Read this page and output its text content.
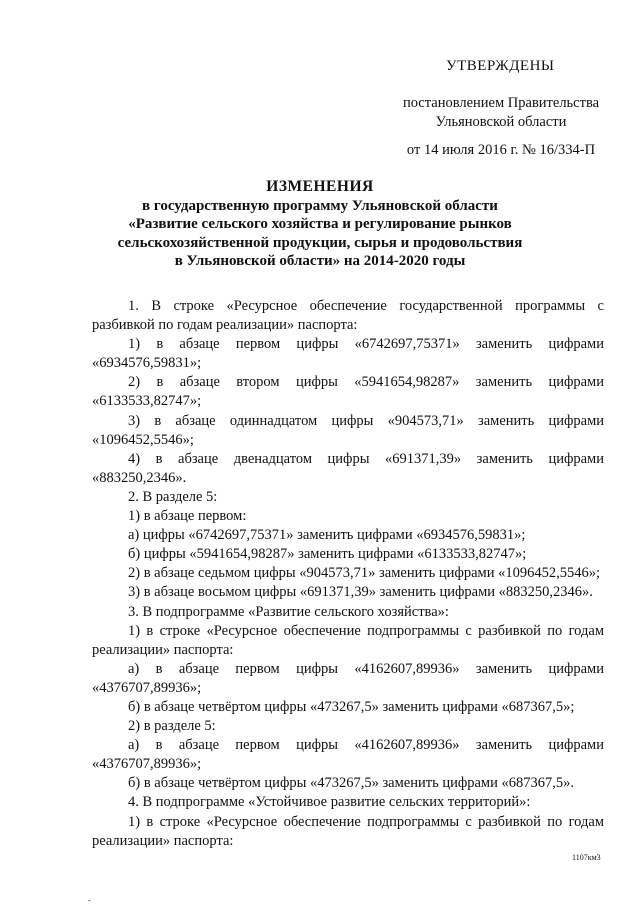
УТВЕРЖДЕНЫ
постановлением Правительства
Ульяновской области
от 14 июля 2016 г. № 16/334-П
ИЗМЕНЕНИЯ
в государственную программу Ульяновской области
«Развитие сельского хозяйства и регулирование рынков
сельскохозяйственной продукции, сырья и продовольствия
в Ульяновской области» на 2014-2020 годы

1. В строке «Ресурсное обеспечение государственной программы с разбивкой по годам реализации» паспорта:

1) в абзаце первом цифры «6742697,75371» заменить цифрами «6934576,59831»;

2) в абзаце втором цифры «5941654,98287» заменить цифрами «6133533,82747»;

3) в абзаце одиннадцатом цифры «904573,71» заменить цифрами «1096452,5546»;

4) в абзаце двенадцатом цифры «691371,39» заменить цифрами «883250,2346».

2. В разделе 5:

1) в абзаце первом:

а) цифры «6742697,75371» заменить цифрами «6934576,59831»;

б) цифры «5941654,98287» заменить цифрами «6133533,82747»;

2) в абзаце седьмом цифры «904573,71» заменить цифрами «1096452,5546»;

3) в абзаце восьмом цифры «691371,39» заменить цифрами «883250,2346».

3. В подпрограмме «Развитие сельского хозяйства»:

1) в строке «Ресурсное обеспечение подпрограммы с разбивкой по годам реализации» паспорта:

а) в абзаце первом цифры «4162607,89936» заменить цифрами «4376707,89936»;

б) в абзаце четвёртом цифры «473267,5» заменить цифрами «687367,5»;

2) в разделе 5:

а) в абзаце первом цифры «4162607,89936» заменить цифрами «4376707,89936»;

б) в абзаце четвёртом цифры «473267,5» заменить цифрами «687367,5».

4. В подпрограмме «Устойчивое развитие сельских территорий»:

1) в строке «Ресурсное обеспечение подпрограммы с разбивкой по годам реализации» паспорта:

1107км3
-
